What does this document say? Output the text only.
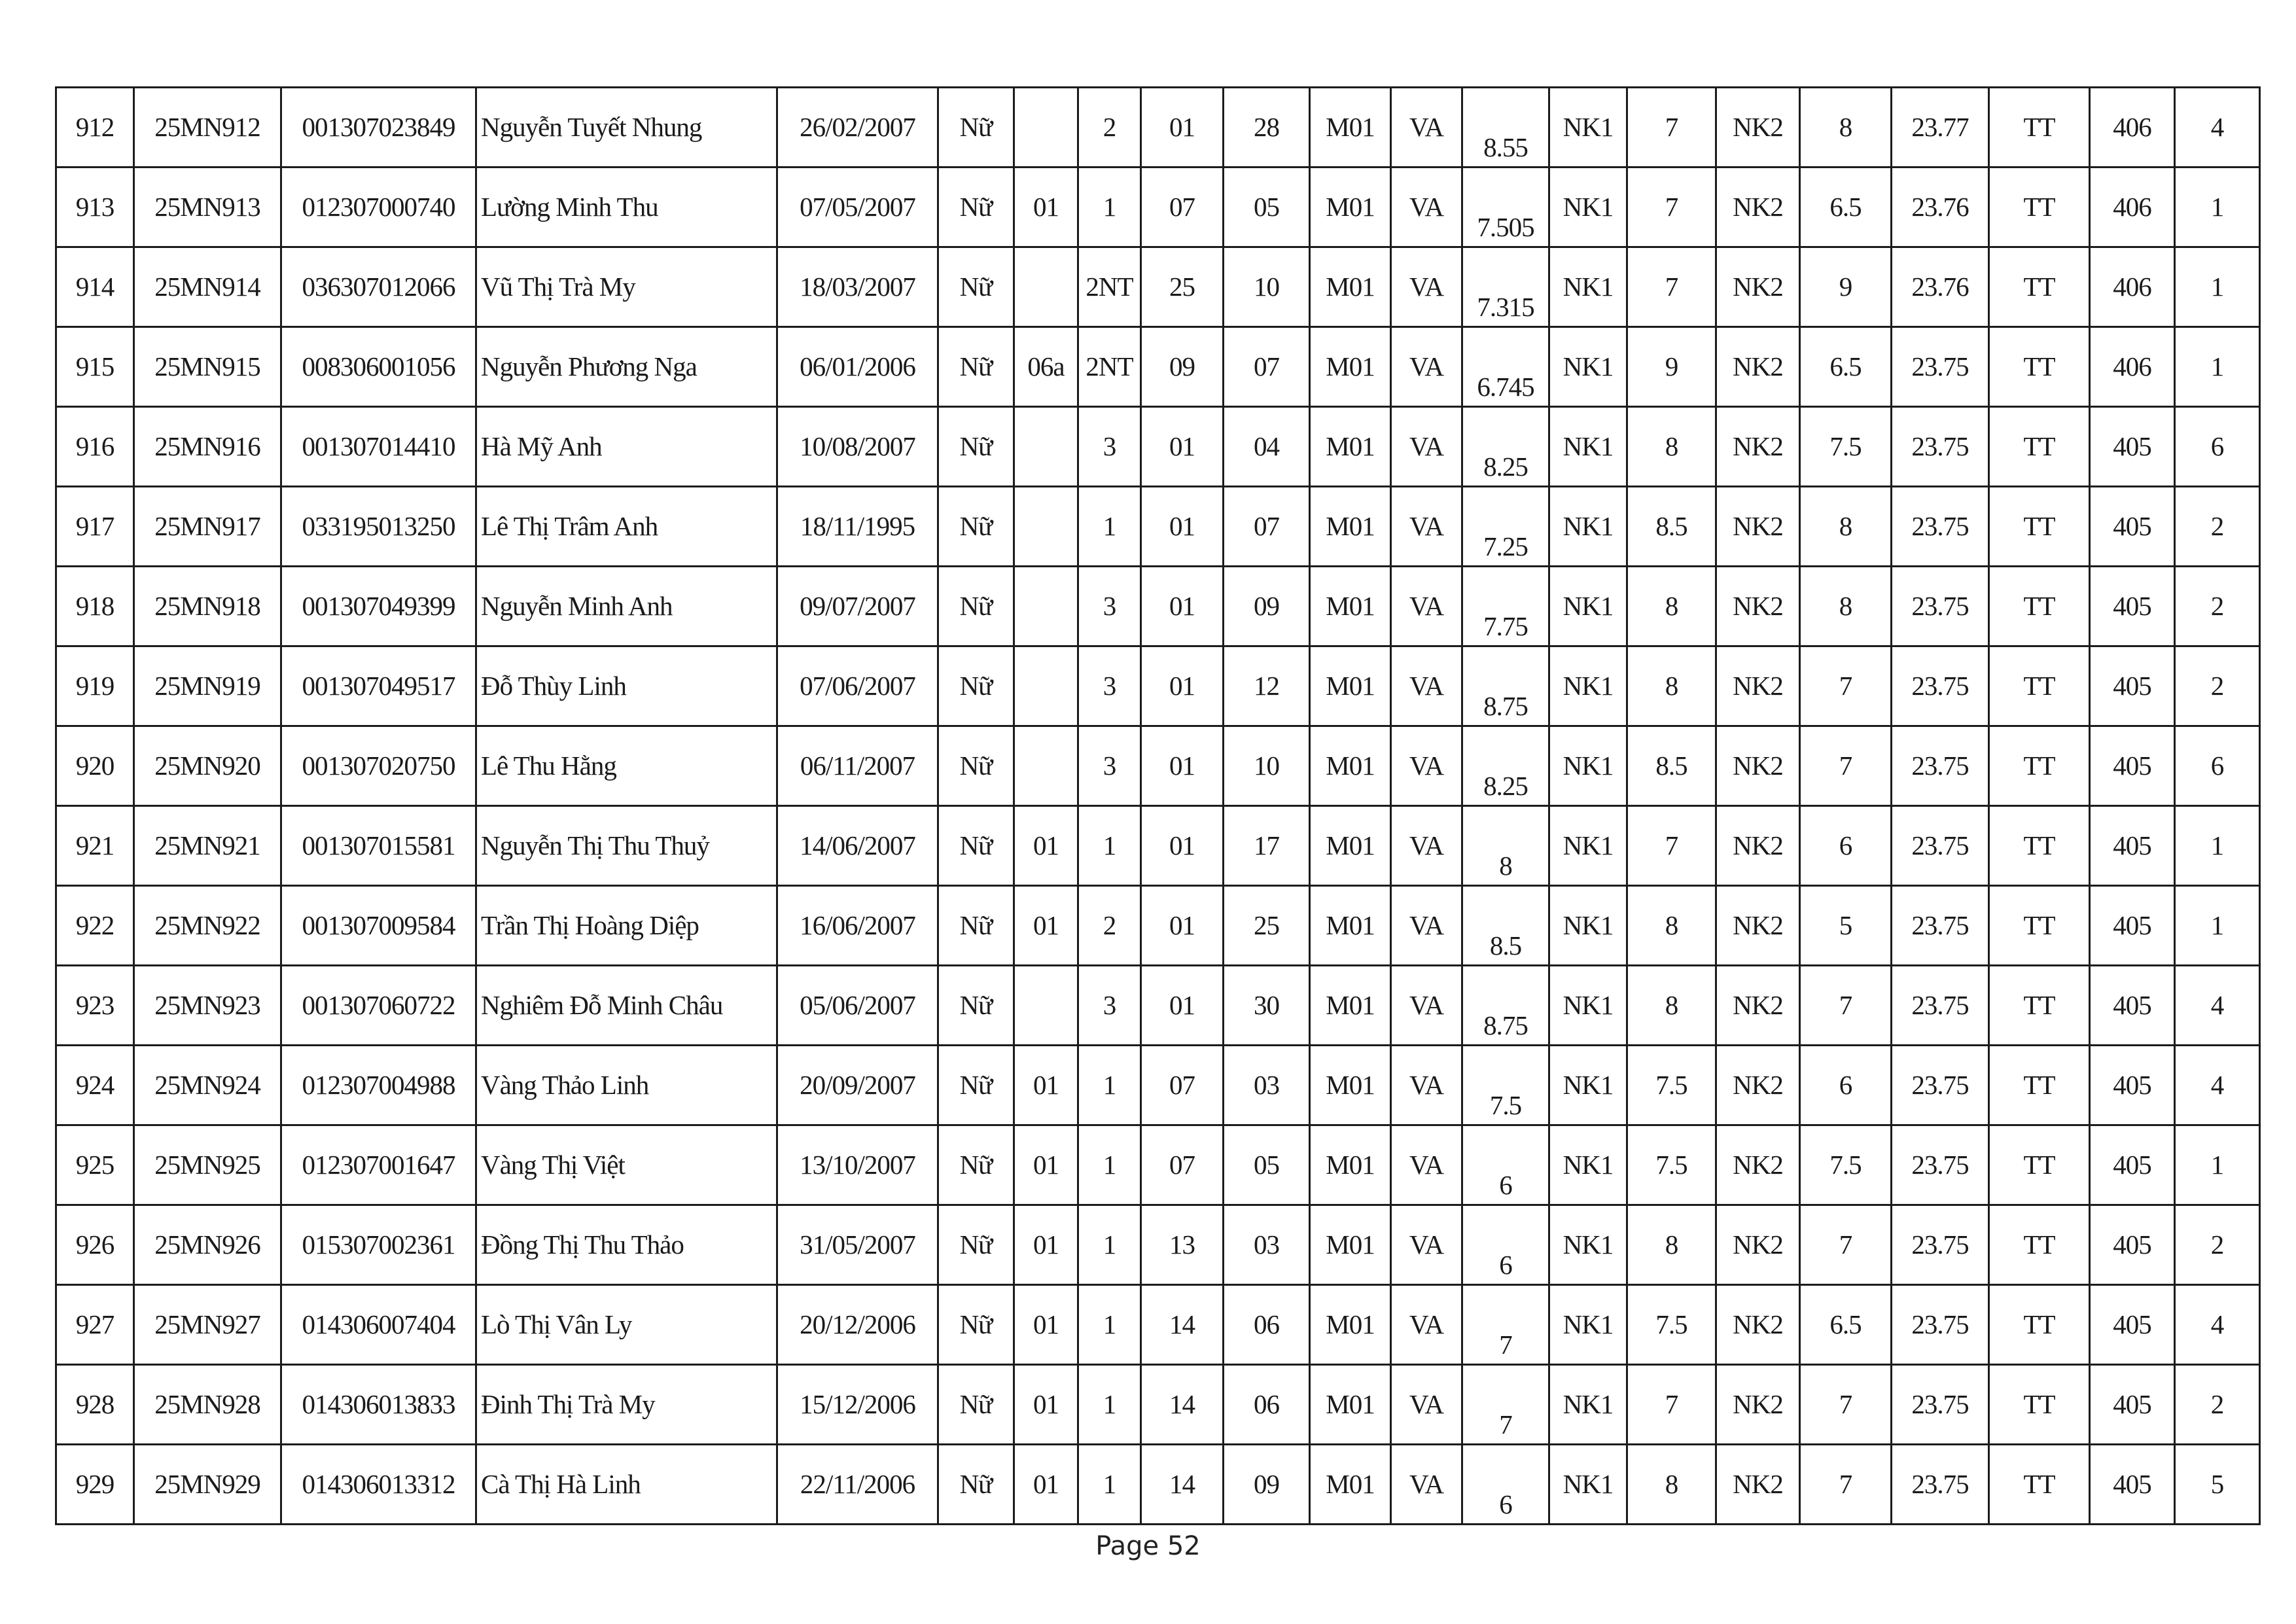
912	25MN912	001307023849	Nguyễn Tuyết Nhung	26/02/2007	Nữ		2	01	28	M01	VA	8.55	NK1	7	NK2	8	23.77	TT	406	4
913	25MN913	012307000740	Lường Minh Thu	07/05/2007	Nữ	01	1	07	05	M01	VA	7.505	NK1	7	NK2	6.5	23.76	TT	406	1
914	25MN914	036307012066	Vũ Thị Trà My	18/03/2007	Nữ		2NT	25	10	M01	VA	7.315	NK1	7	NK2	9	23.76	TT	406	1
915	25MN915	008306001056	Nguyễn Phương Nga	06/01/2006	Nữ	06a	2NT	09	07	M01	VA	6.745	NK1	9	NK2	6.5	23.75	TT	406	1
916	25MN916	001307014410	Hà Mỹ Anh	10/08/2007	Nữ		3	01	04	M01	VA	8.25	NK1	8	NK2	7.5	23.75	TT	405	6
917	25MN917	033195013250	Lê Thị Trâm Anh	18/11/1995	Nữ		1	01	07	M01	VA	7.25	NK1	8.5	NK2	8	23.75	TT	405	2
918	25MN918	001307049399	Nguyễn Minh Anh	09/07/2007	Nữ		3	01	09	M01	VA	7.75	NK1	8	NK2	8	23.75	TT	405	2
919	25MN919	001307049517	Đỗ Thùy Linh	07/06/2007	Nữ		3	01	12	M01	VA	8.75	NK1	8	NK2	7	23.75	TT	405	2
920	25MN920	001307020750	Lê Thu Hằng	06/11/2007	Nữ		3	01	10	M01	VA	8.25	NK1	8.5	NK2	7	23.75	TT	405	6
921	25MN921	001307015581	Nguyễn Thị Thu Thuỷ	14/06/2007	Nữ	01	1	01	17	M01	VA	8	NK1	7	NK2	6	23.75	TT	405	1
922	25MN922	001307009584	Trần Thị Hoàng Diệp	16/06/2007	Nữ	01	2	01	25	M01	VA	8.5	NK1	8	NK2	5	23.75	TT	405	1
923	25MN923	001307060722	Nghiêm Đỗ Minh Châu	05/06/2007	Nữ		3	01	30	M01	VA	8.75	NK1	8	NK2	7	23.75	TT	405	4
924	25MN924	012307004988	Vàng Thảo Linh	20/09/2007	Nữ	01	1	07	03	M01	VA	7.5	NK1	7.5	NK2	6	23.75	TT	405	4
925	25MN925	012307001647	Vàng Thị Việt	13/10/2007	Nữ	01	1	07	05	M01	VA	6	NK1	7.5	NK2	7.5	23.75	TT	405	1
926	25MN926	015307002361	Đồng Thị Thu Thảo	31/05/2007	Nữ	01	1	13	03	M01	VA	6	NK1	8	NK2	7	23.75	TT	405	2
927	25MN927	014306007404	Lò Thị Vân Ly	20/12/2006	Nữ	01	1	14	06	M01	VA	7	NK1	7.5	NK2	6.5	23.75	TT	405	4
928	25MN928	014306013833	Đinh Thị Trà My	15/12/2006	Nữ	01	1	14	06	M01	VA	7	NK1	7	NK2	7	23.75	TT	405	2
929	25MN929	014306013312	Cà Thị Hà Linh	22/11/2006	Nữ	01	1	14	09	M01	VA	6	NK1	8	NK2	7	23.75	TT	405	5
Page 52
